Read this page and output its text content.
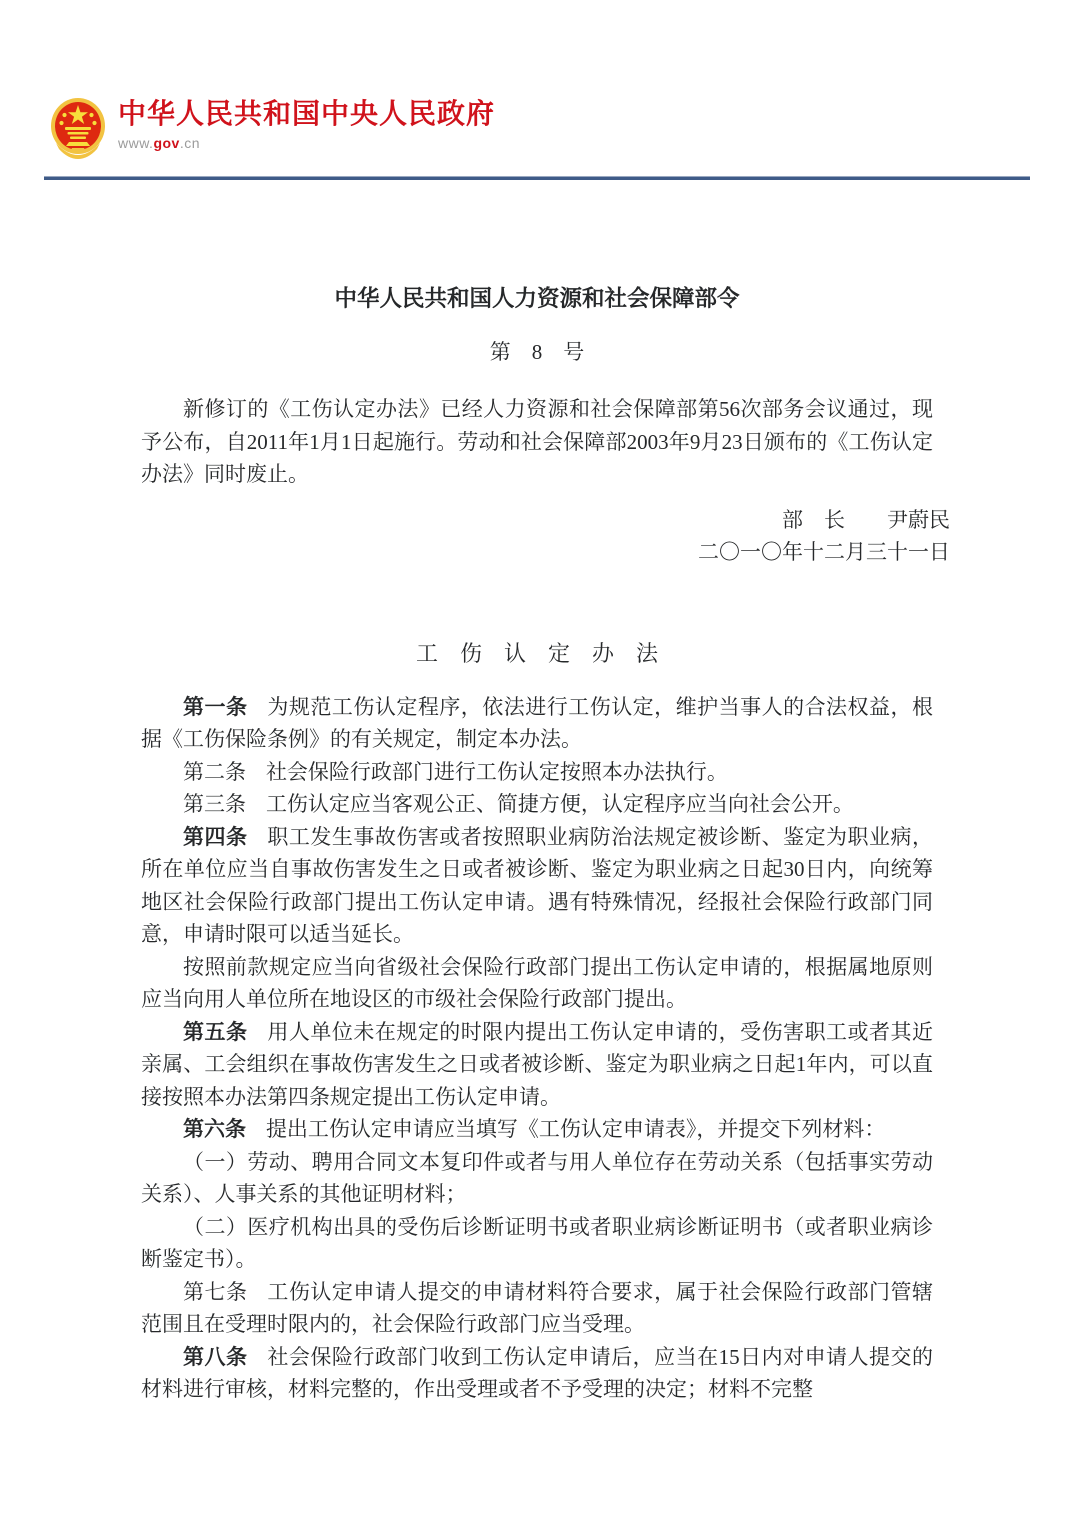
中华人民共和国中央人民政府
www.gov.cn
中华人民共和国人力资源和社会保障部令
第　8　号

新修订的《工伤认定办法》已经人力资源和社会保障部第56次部务会议通过，现予公布，自2011年1月1日起施行。劳动和社会保障部2003年9月23日颁布的《工伤认定办法》同时废止。

部　长　　尹蔚民

二〇一〇年十二月三十一日

工　伤　认　定　办　法

第一条 为规范工伤认定程序，依法进行工伤认定，维护当事人的合法权益，根据《工伤保险条例》的有关规定，制定本办法。

第二条 社会保险行政部门进行工伤认定按照本办法执行。

第三条 工伤认定应当客观公正、简捷方便，认定程序应当向社会公开。

第四条 职工发生事故伤害或者按照职业病防治法规定被诊断、鉴定为职业病，所在单位应当自事故伤害发生之日或者被诊断、鉴定为职业病之日起30日内，向统筹地区社会保险行政部门提出工伤认定申请。遇有特殊情况，经报社会保险行政部门同意，申请时限可以适当延长。

按照前款规定应当向省级社会保险行政部门提出工伤认定申请的，根据属地原则应当向用人单位所在地设区的市级社会保险行政部门提出。

第五条 用人单位未在规定的时限内提出工伤认定申请的，受伤害职工或者其近亲属、工会组织在事故伤害发生之日或者被诊断、鉴定为职业病之日起1年内，可以直接按照本办法第四条规定提出工伤认定申请。

第六条 提出工伤认定申请应当填写《工伤认定申请表》，并提交下列材料：

（一）劳动、聘用合同文本复印件或者与用人单位存在劳动关系（包括事实劳动关系）、人事关系的其他证明材料；

（二）医疗机构出具的受伤后诊断证明书或者职业病诊断证明书（或者职业病诊断鉴定书）。

第七条 工伤认定申请人提交的申请材料符合要求，属于社会保险行政部门管辖范围且在受理时限内的，社会保险行政部门应当受理。

第八条 社会保险行政部门收到工伤认定申请后，应当在15日内对申请人提交的材料进行审核，材料完整的，作出受理或者不予受理的决定；材料不完整
